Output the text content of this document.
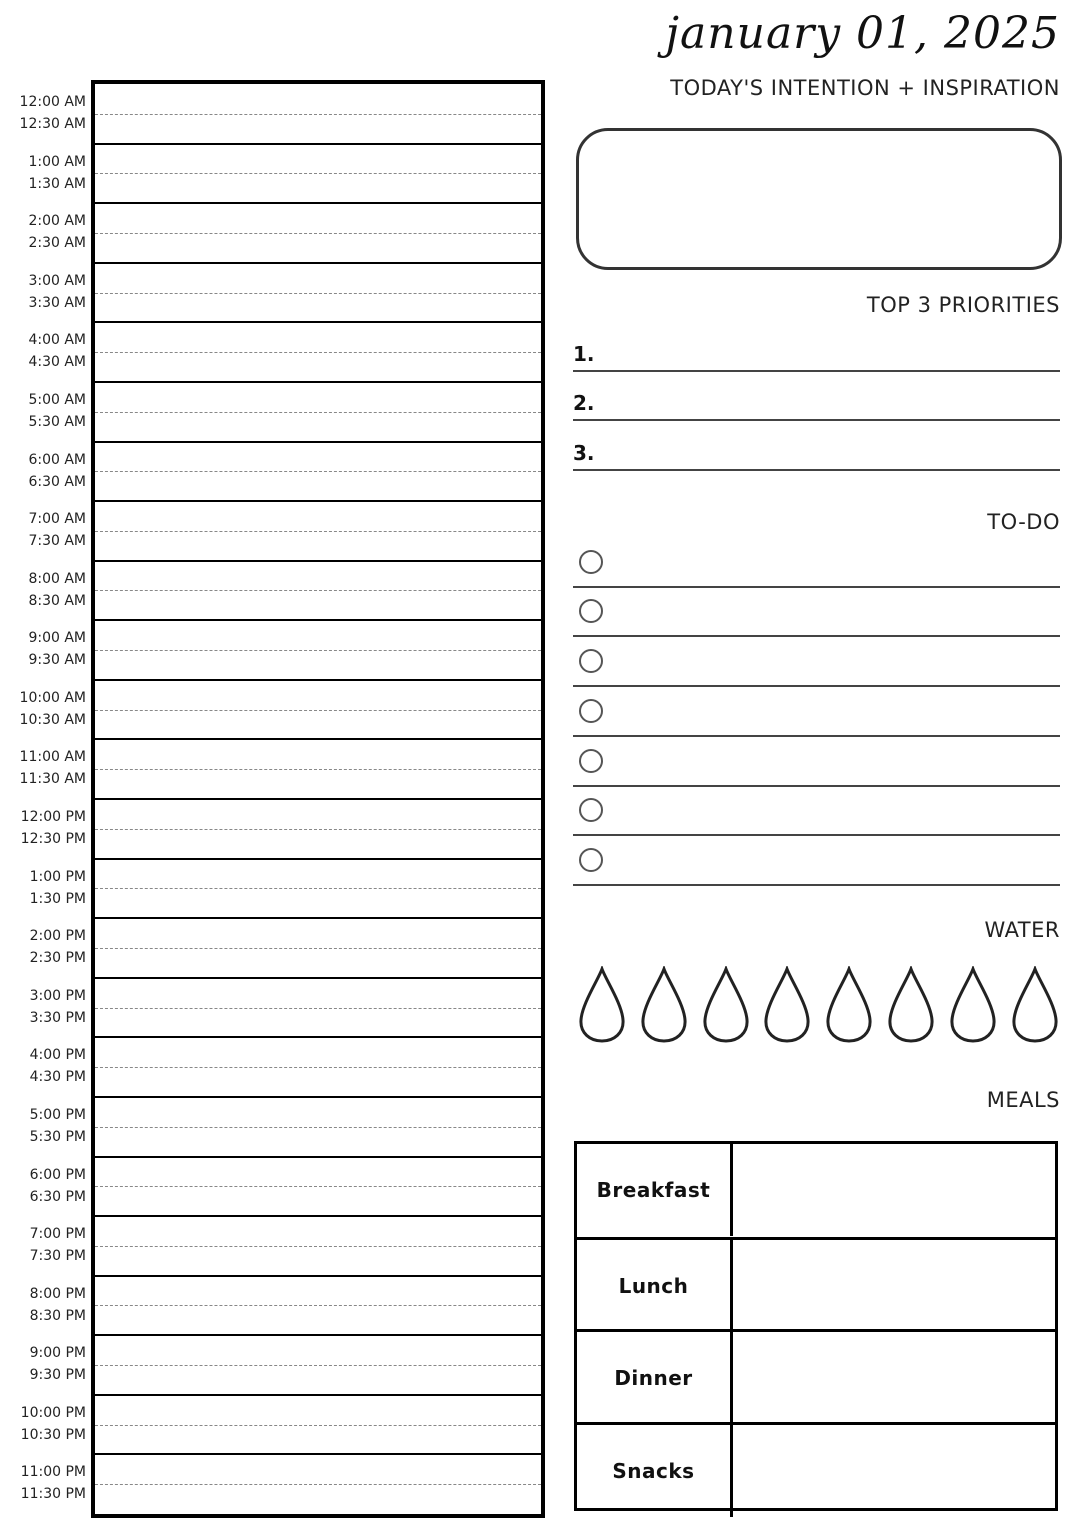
january 01, 2025
12:00 AM
12:30 AM
1:00 AM
1:30 AM
2:00 AM
2:30 AM
3:00 AM
3:30 AM
4:00 AM
4:30 AM
5:00 AM
5:30 AM
6:00 AM
6:30 AM
7:00 AM
7:30 AM
8:00 AM
8:30 AM
9:00 AM
9:30 AM
10:00 AM
10:30 AM
11:00 AM
11:30 AM
12:00 PM
12:30 PM
1:00 PM
1:30 PM
2:00 PM
2:30 PM
3:00 PM
3:30 PM
4:00 PM
4:30 PM
5:00 PM
5:30 PM
6:00 PM
6:30 PM
7:00 PM
7:30 PM
8:00 PM
8:30 PM
9:00 PM
9:30 PM
10:00 PM
10:30 PM
11:00 PM
11:30 PM
TODAY'S INTENTION + INSPIRATION
TOP 3 PRIORITIES
1.
2.
3.
TO-DO
WATER
MEALS
Breakfast
Lunch
Dinner
Snacks
